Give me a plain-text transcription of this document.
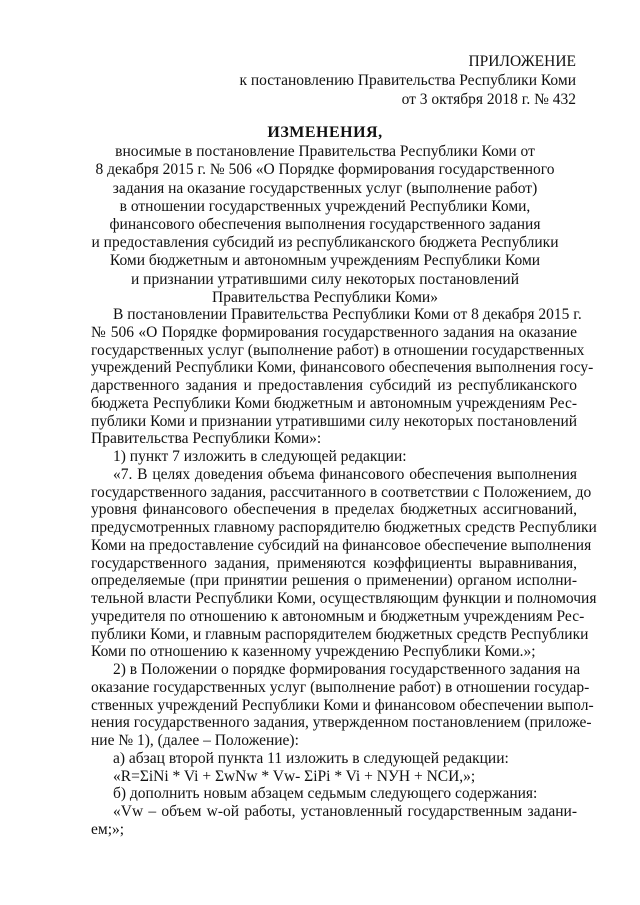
ПРИЛОЖЕНИЕ
к постановлению Правительства Республики Коми
от 3 октября 2018 г. № 432
ИЗМЕНЕНИЯ,
вносимые в постановление Правительства Республики Коми от
8 декабря 2015 г. № 506 «О Порядке формирования государственного
задания на оказание государственных услуг (выполнение работ)
в отношении государственных учреждений Республики Коми,
финансового обеспечения выполнения государственного задания
и предоставления субсидий из республиканского бюджета Республики
Коми бюджетным и автономным учреждениям Республики Коми
и признании утратившими силу некоторых постановлений
Правительства Республики Коми»
В постановлении Правительства Республики Коми от 8 декабря 2015 г.
№ 506 «О Порядке формирования государственного задания на оказание
государственных услуг (выполнение работ) в отношении государственных
учреждений Республики Коми, финансового обеспечения выполнения госу-
дарственного задания и предоставления субсидий из республиканского
бюджета Республики Коми бюджетным и автономным учреждениям Рес-
публики Коми и признании утратившими силу некоторых постановлений
Правительства Республики Коми»:
1) пункт 7 изложить в следующей редакции:
«7. В целях доведения объема финансового обеспечения выполнения
государственного задания, рассчитанного в соответствии с Положением, до
уровня финансового обеспечения в пределах бюджетных ассигнований,
предусмотренных главному распорядителю бюджетных средств Республики
Коми на предоставление субсидий на финансовое обеспечение выполнения
государственного задания, применяются коэффициенты выравнивания,
определяемые (при принятии решения о применении) органом исполни-
тельной власти Республики Коми, осуществляющим функции и полномочия
учредителя по отношению к автономным и бюджетным учреждениям Рес-
публики Коми, и главным распорядителем бюджетных средств Республики
Коми по отношению к казенному учреждению Республики Коми.»;
2) в Положении о порядке формирования государственного задания на
оказание государственных услуг (выполнение работ) в отношении государ-
ственных учреждений Республики Коми и финансовом обеспечении выпол-
нения государственного задания, утвержденном постановлением (приложе-
ние № 1), (далее – Положение):
а) абзац второй пункта 11 изложить в следующей редакции:
«R=ΣiNi * Vi + ΣwNw * Vw- ΣiPi * Vi + NУН + NСИ,»;
б) дополнить новым абзацем седьмым следующего содержания:
«Vw – объем w-ой работы, установленный государственным задани-
ем;»;
